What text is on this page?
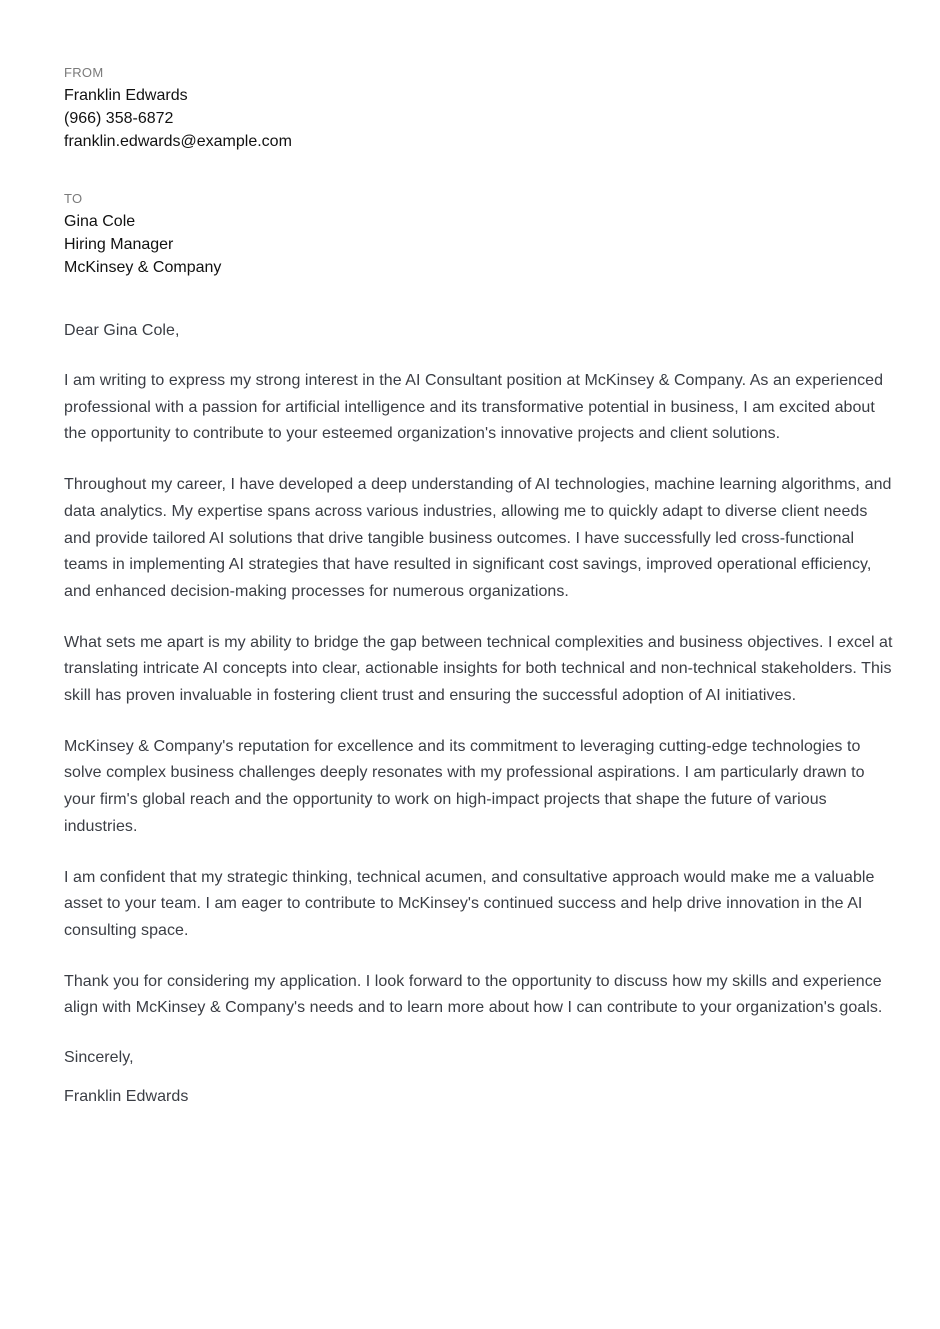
FROM
Franklin Edwards
(966) 358-6872
franklin.edwards@example.com
TO
Gina Cole
Hiring Manager
McKinsey & Company
Dear Gina Cole,

I am writing to express my strong interest in the AI Consultant position at McKinsey & Company. As an experienced professional with a passion for artificial intelligence and its transformative potential in business, I am excited about the opportunity to contribute to your esteemed organization's innovative projects and client solutions.

Throughout my career, I have developed a deep understanding of AI technologies, machine learning algorithms, and data analytics. My expertise spans across various industries, allowing me to quickly adapt to diverse client needs and provide tailored AI solutions that drive tangible business outcomes. I have successfully led cross-functional teams in implementing AI strategies that have resulted in significant cost savings, improved operational efficiency, and enhanced decision-making processes for numerous organizations.

What sets me apart is my ability to bridge the gap between technical complexities and business objectives. I excel at translating intricate AI concepts into clear, actionable insights for both technical and non-technical stakeholders. This skill has proven invaluable in fostering client trust and ensuring the successful adoption of AI initiatives.

McKinsey & Company's reputation for excellence and its commitment to leveraging cutting-edge technologies to solve complex business challenges deeply resonates with my professional aspirations. I am particularly drawn to your firm's global reach and the opportunity to work on high-impact projects that shape the future of various industries.

I am confident that my strategic thinking, technical acumen, and consultative approach would make me a valuable asset to your team. I am eager to contribute to McKinsey's continued success and help drive innovation in the AI consulting space.

Thank you for considering my application. I look forward to the opportunity to discuss how my skills and experience align with McKinsey & Company's needs and to learn more about how I can contribute to your organization's goals.

Sincerely,
Franklin Edwards
